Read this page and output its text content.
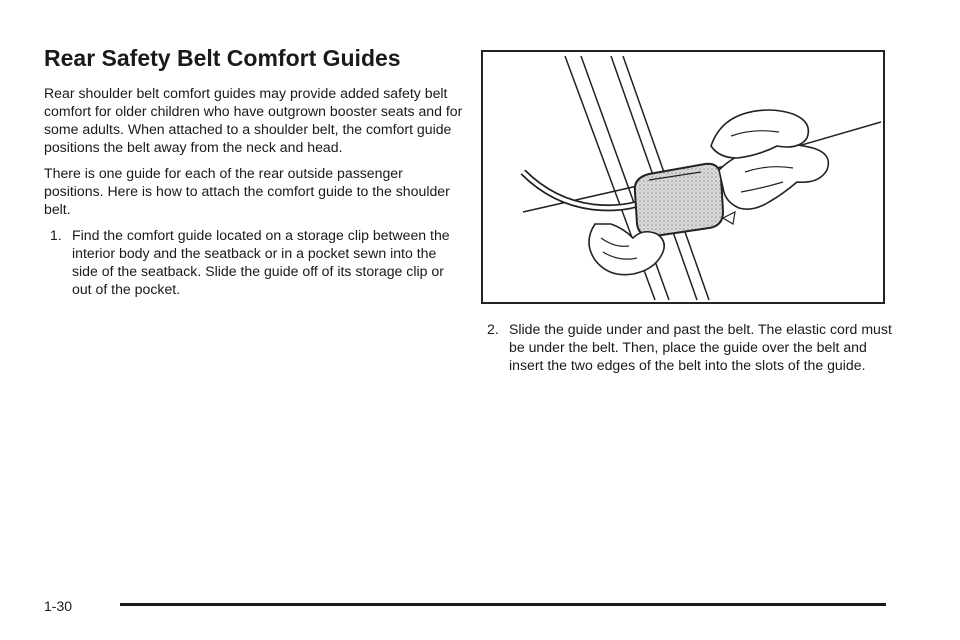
Rear Safety Belt Comfort Guides

Rear shoulder belt comfort guides may provide added safety belt comfort for older children who have outgrown booster seats and for some adults. When attached to a shoulder belt, the comfort guide positions the belt away from the neck and head.

There is one guide for each of the rear outside passenger positions. Here is how to attach the comfort guide to the shoulder belt.

1. Find the comfort guide located on a storage clip between the interior body and the seatback or in a pocket sewn into the side of the seatback. Slide the guide off of its storage clip or out of the pocket.
2. Slide the guide under and past the belt. The elastic cord must be under the belt. Then, place the guide over the belt and insert the two edges of the belt into the slots of the guide.
1-30
